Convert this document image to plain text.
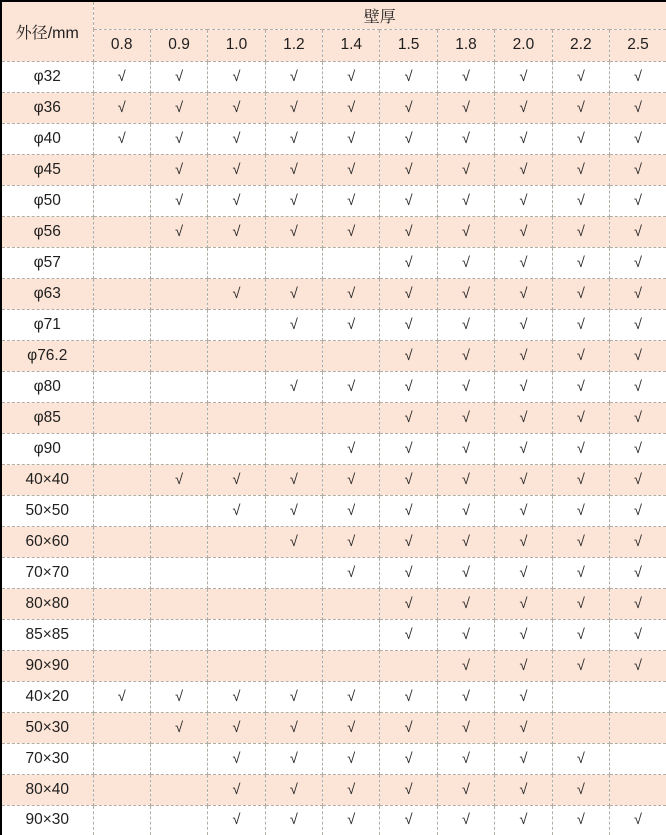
外径/mm	壁厚									
	0.8	0.9	1.0	1.2	1.4	1.5	1.8	2.0	2.2	2.5
φ32	√	√	√	√	√	√	√	√	√	√
φ36	√	√	√	√	√	√	√	√	√	√
φ40	√	√	√	√	√	√	√	√	√	√
φ45		√	√	√	√	√	√	√	√	√
φ50		√	√	√	√	√	√	√	√	√
φ56		√	√	√	√	√	√	√	√	√
φ57						√	√	√	√	√
φ63			√	√	√	√	√	√	√	√
φ71				√	√	√	√	√	√	√
φ76.2						√	√	√	√	√
φ80				√	√	√	√	√	√	√
φ85						√	√	√	√	√
φ90					√	√	√	√	√	√
40×40		√	√	√	√	√	√	√	√	√
50×50			√	√	√	√	√	√	√	√
60×60				√	√	√	√	√	√	√
70×70					√	√	√	√	√	√
80×80						√	√	√	√	√
85×85						√	√	√	√	√
90×90							√	√	√	√
40×20	√	√	√	√	√	√	√	√		
50×30		√	√	√	√	√	√	√		
70×30			√	√	√	√	√	√	√	
80×40			√	√	√	√	√	√	√	
90×30			√	√	√	√	√	√	√	√
